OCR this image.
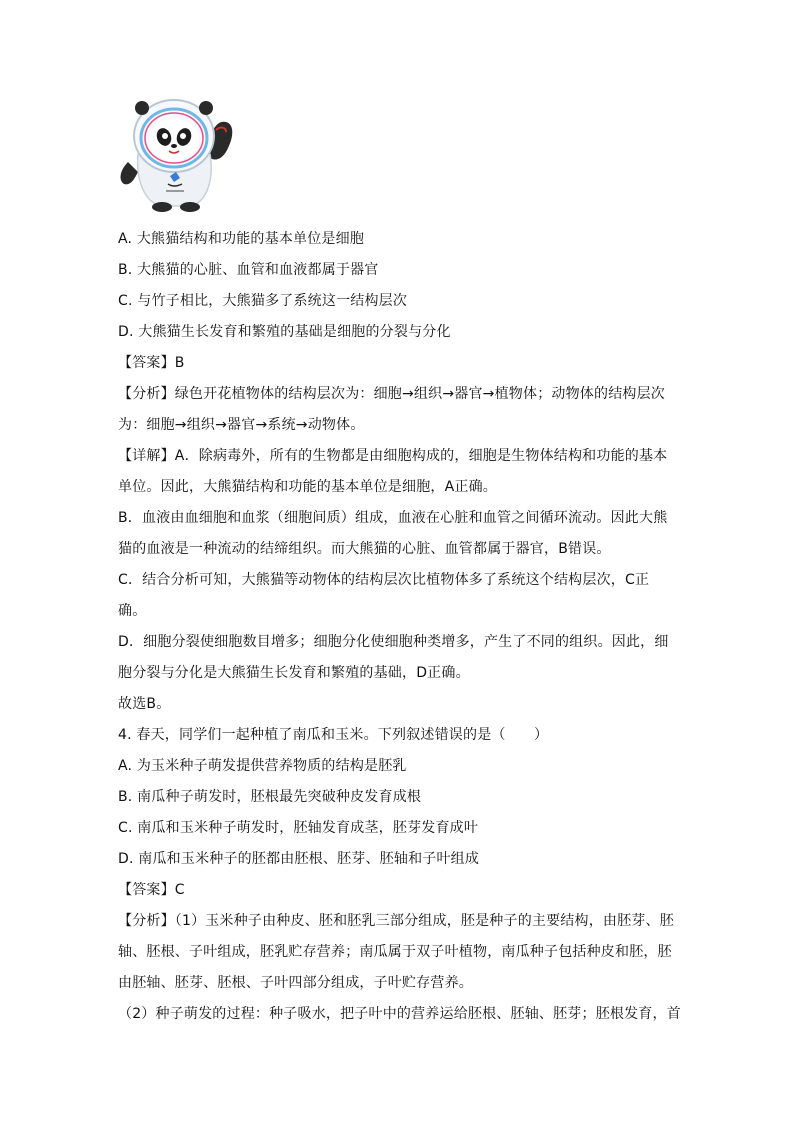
A. 大熊猫结构和功能的基本单位是细胞
B. 大熊猫的心脏、血管和血液都属于器官
C. 与竹子相比，大熊猫多了系统这一结构层次
D. 大熊猫生长发育和繁殖的基础是细胞的分裂与分化
【答案】B
【分析】绿色开花植物体的结构层次为：细胞→组织→器官→植物体；动物体的结构层次
为：细胞→组织→器官→系统→动物体。
【详解】A．除病毒外，所有的生物都是由细胞构成的，细胞是生物体结构和功能的基本
单位。因此，大熊猫结构和功能的基本单位是细胞，A正确。
B．血液由血细胞和血浆（细胞间质）组成，血液在心脏和血管之间循环流动。因此大熊
猫的血液是一种流动的结缔组织。而大熊猫的心脏、血管都属于器官，B错误。
C．结合分析可知，大熊猫等动物体的结构层次比植物体多了系统这个结构层次，C正
确。
D．细胞分裂使细胞数目增多；细胞分化使细胞种类增多，产生了不同的组织。因此，细
胞分裂与分化是大熊猫生长发育和繁殖的基础，D正确。
故选B。
4. 春天，同学们一起种植了南瓜和玉米。下列叙述错误的是（　　）
A. 为玉米种子萌发提供营养物质的结构是胚乳
B. 南瓜种子萌发时，胚根最先突破种皮发育成根
C. 南瓜和玉米种子萌发时，胚轴发育成茎，胚芽发育成叶
D. 南瓜和玉米种子的胚都由胚根、胚芽、胚轴和子叶组成
【答案】C
【分析】（1）玉米种子由种皮、胚和胚乳三部分组成，胚是种子的主要结构，由胚芽、胚
轴、胚根、子叶组成，胚乳贮存营养；南瓜属于双子叶植物，南瓜种子包括种皮和胚，胚
由胚轴、胚芽、胚根、子叶四部分组成，子叶贮存营养。
（2）种子萌发的过程：种子吸水，把子叶中的营养运给胚根、胚轴、胚芽；胚根发育，首
